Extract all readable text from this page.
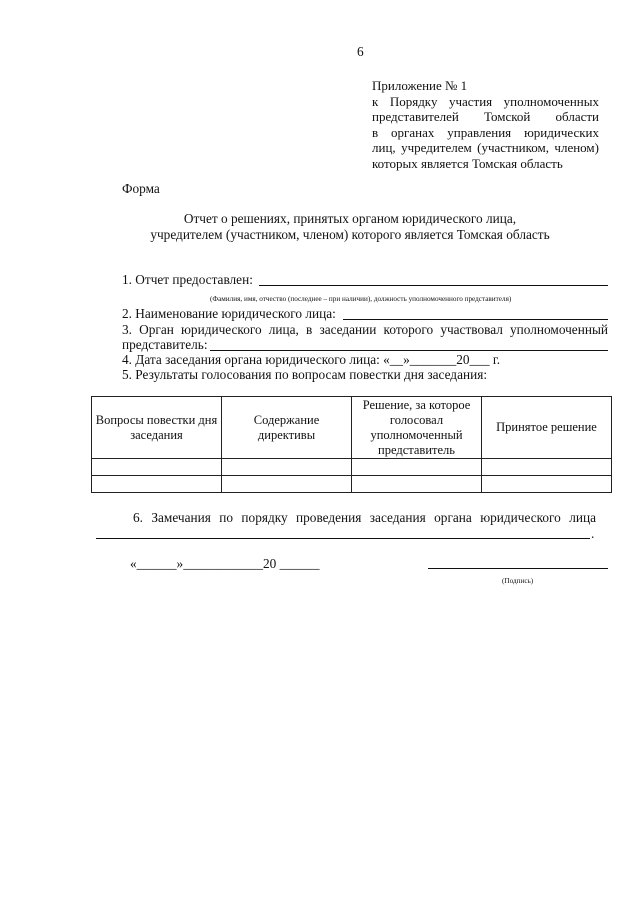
6
Приложение № 1
к Порядку участия уполномоченных
представителей Томской области
в органах управления юридических
лиц, учредителем (участником, членом)
которых является Томская область
Форма
Отчет о решениях, принятых органом юридического лица,
учредителем (участником, членом) которого является Томская область
1. Отчет предоставлен:
(Фамилия, имя, отчество (последнее – при наличии), должность уполномоченного представителя)
2. Наименование юридического лица:
3. Орган юридического лица, в заседании которого участвовал уполномоченный
представитель:
4. Дата заседания органа юридического лица: «__»_______20___ г.
5. Результаты голосования по вопросам повестки дня заседания:
Вопросы повестки дня заседания	Содержание директивы	Решение, за которое голосовал уполномоченный представитель	Принятое решение

6. Замечания по порядку проведения заседания органа юридического лица
.
«______»____________20 ______
(Подпись)
